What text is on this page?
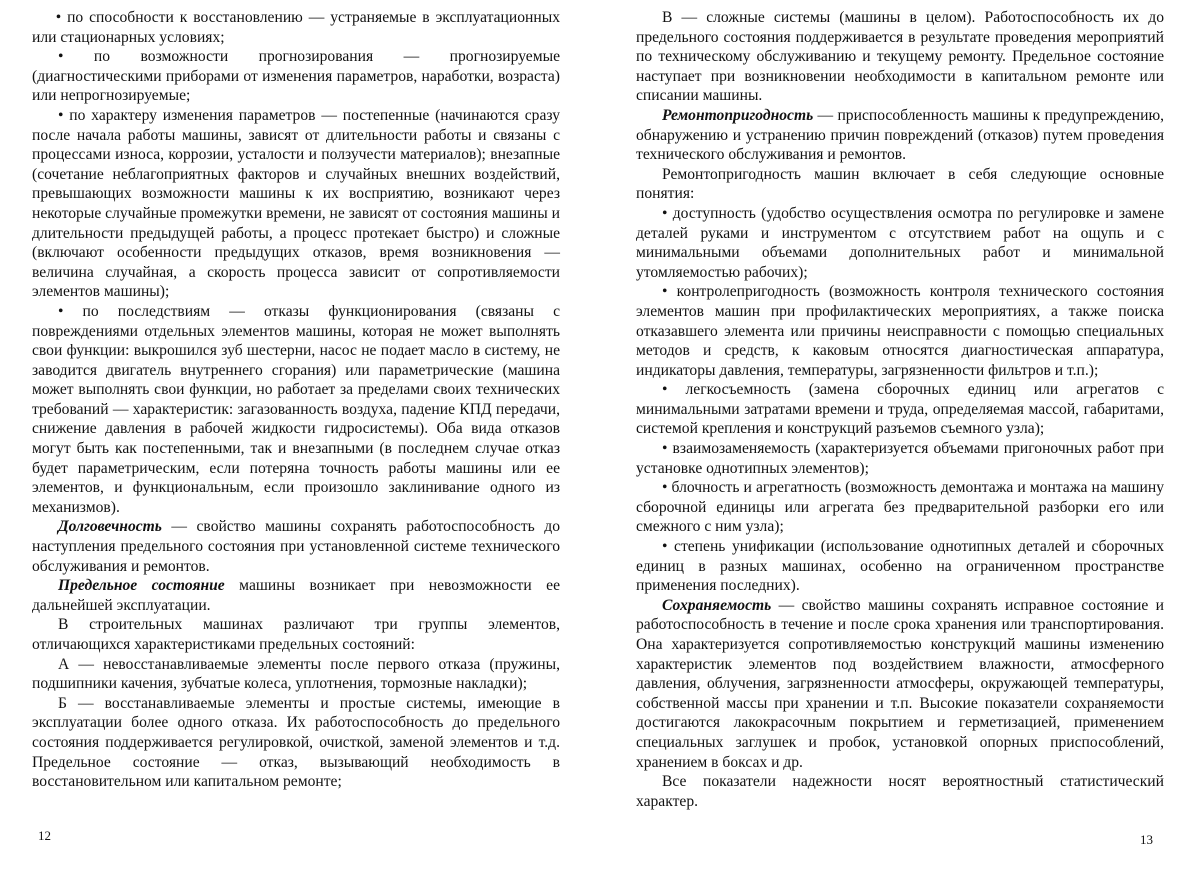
• по способности к восстановлению — устраняемые в эксплуатационных или стационарных условиях;

• по возможности прогнозирования — прогнозируемые (диагностическими приборами от изменения параметров, наработки, возраста) или непрогнозируемые;

• по характеру изменения параметров — постепенные (начинаются сразу после начала работы машины, зависят от длительности работы и связаны с процессами износа, коррозии, усталости и ползучести материалов); внезапные (сочетание неблагоприятных факторов и случайных внешних воздействий, превышающих возможности машины к их восприятию, возникают через некоторые случайные промежутки времени, не зависят от состояния машины и длительности предыдущей работы, а процесс протекает быстро) и сложные (включают особенности предыдущих отказов, время возникновения — величина случайная, а скорость процесса зависит от сопротивляемости элементов машины);

• по последствиям — отказы функционирования (связаны с повреждениями отдельных элементов машины, которая не может выполнять свои функции: выкрошился зуб шестерни, насос не подает масло в систему, не заводится двигатель внутреннего сгорания) или параметрические (машина может выполнять свои функции, но работает за пределами своих технических требований — характеристик: загазованность воздуха, падение КПД передачи, снижение давления в рабочей жидкости гидросистемы). Оба вида отказов могут быть как постепенными, так и внезапными (в последнем случае отказ будет параметрическим, если потеряна точность работы машины или ее элементов, и функциональным, если произошло заклинивание одного из механизмов).

Долговечность — свойство машины сохранять работоспособность до наступления предельного состояния при установленной системе технического обслуживания и ремонтов.

Предельное состояние машины возникает при невозможности ее дальнейшей эксплуатации.

В строительных машинах различают три группы элементов, отличающихся характеристиками предельных состояний:

А — невосстанавливаемые элементы после первого отказа (пружины, подшипники качения, зубчатые колеса, уплотнения, тормозные накладки);

Б — восстанавливаемые элементы и простые системы, имеющие в эксплуатации более одного отказа. Их работоспособность до предельного состояния поддерживается регулировкой, очисткой, заменой элементов и т.д. Предельное состояние — отказ, вызывающий необходимость в восстановительном или капитальном ремонте;

12

В — сложные системы (машины в целом). Работоспособность их до предельного состояния поддерживается в результате проведения мероприятий по техническому обслуживанию и текущему ремонту. Предельное состояние наступает при возникновении необходимости в капитальном ремонте или списании машины.

Ремонтопригодность — приспособленность машины к предупреждению, обнаружению и устранению причин повреждений (отказов) путем проведения технического обслуживания и ремонтов.

Ремонтопригодность машин включает в себя следующие основные понятия:

• доступность (удобство осуществления осмотра по регулировке и замене деталей руками и инструментом с отсутствием работ на ощупь и с минимальными объемами дополнительных работ и минимальной утомляемостью рабочих);

• контролепригодность (возможность контроля технического состояния элементов машин при профилактических мероприятиях, а также поиска отказавшего элемента или причины неисправности с помощью специальных методов и средств, к каковым относятся диагностическая аппаратура, индикаторы давления, температуры, загрязненности фильтров и т.п.);

• легкосъемность (замена сборочных единиц или агрегатов с минимальными затратами времени и труда, определяемая массой, габаритами, системой крепления и конструкций разъемов съемного узла);

• взаимозаменяемость (характеризуется объемами пригоночных работ при установке однотипных элементов);

• блочность и агрегатность (возможность демонтажа и монтажа на машину сборочной единицы или агрегата без предварительной разборки его или смежного с ним узла);

• степень унификации (использование однотипных деталей и сборочных единиц в разных машинах, особенно на ограниченном пространстве применения последних).

Сохраняемость — свойство машины сохранять исправное состояние и работоспособность в течение и после срока хранения или транспортирования. Она характеризуется сопротивляемостью конструкций машины изменению характеристик элементов под воздействием влажности, атмосферного давления, облучения, загрязненности атмосферы, окружающей температуры, собственной массы при хранении и т.п. Высокие показатели сохраняемости достигаются лакокрасочным покрытием и герметизацией, применением специальных заглушек и пробок, установкой опорных приспособлений, хранением в боксах и др.

Все показатели надежности носят вероятностный статистический характер.

13
